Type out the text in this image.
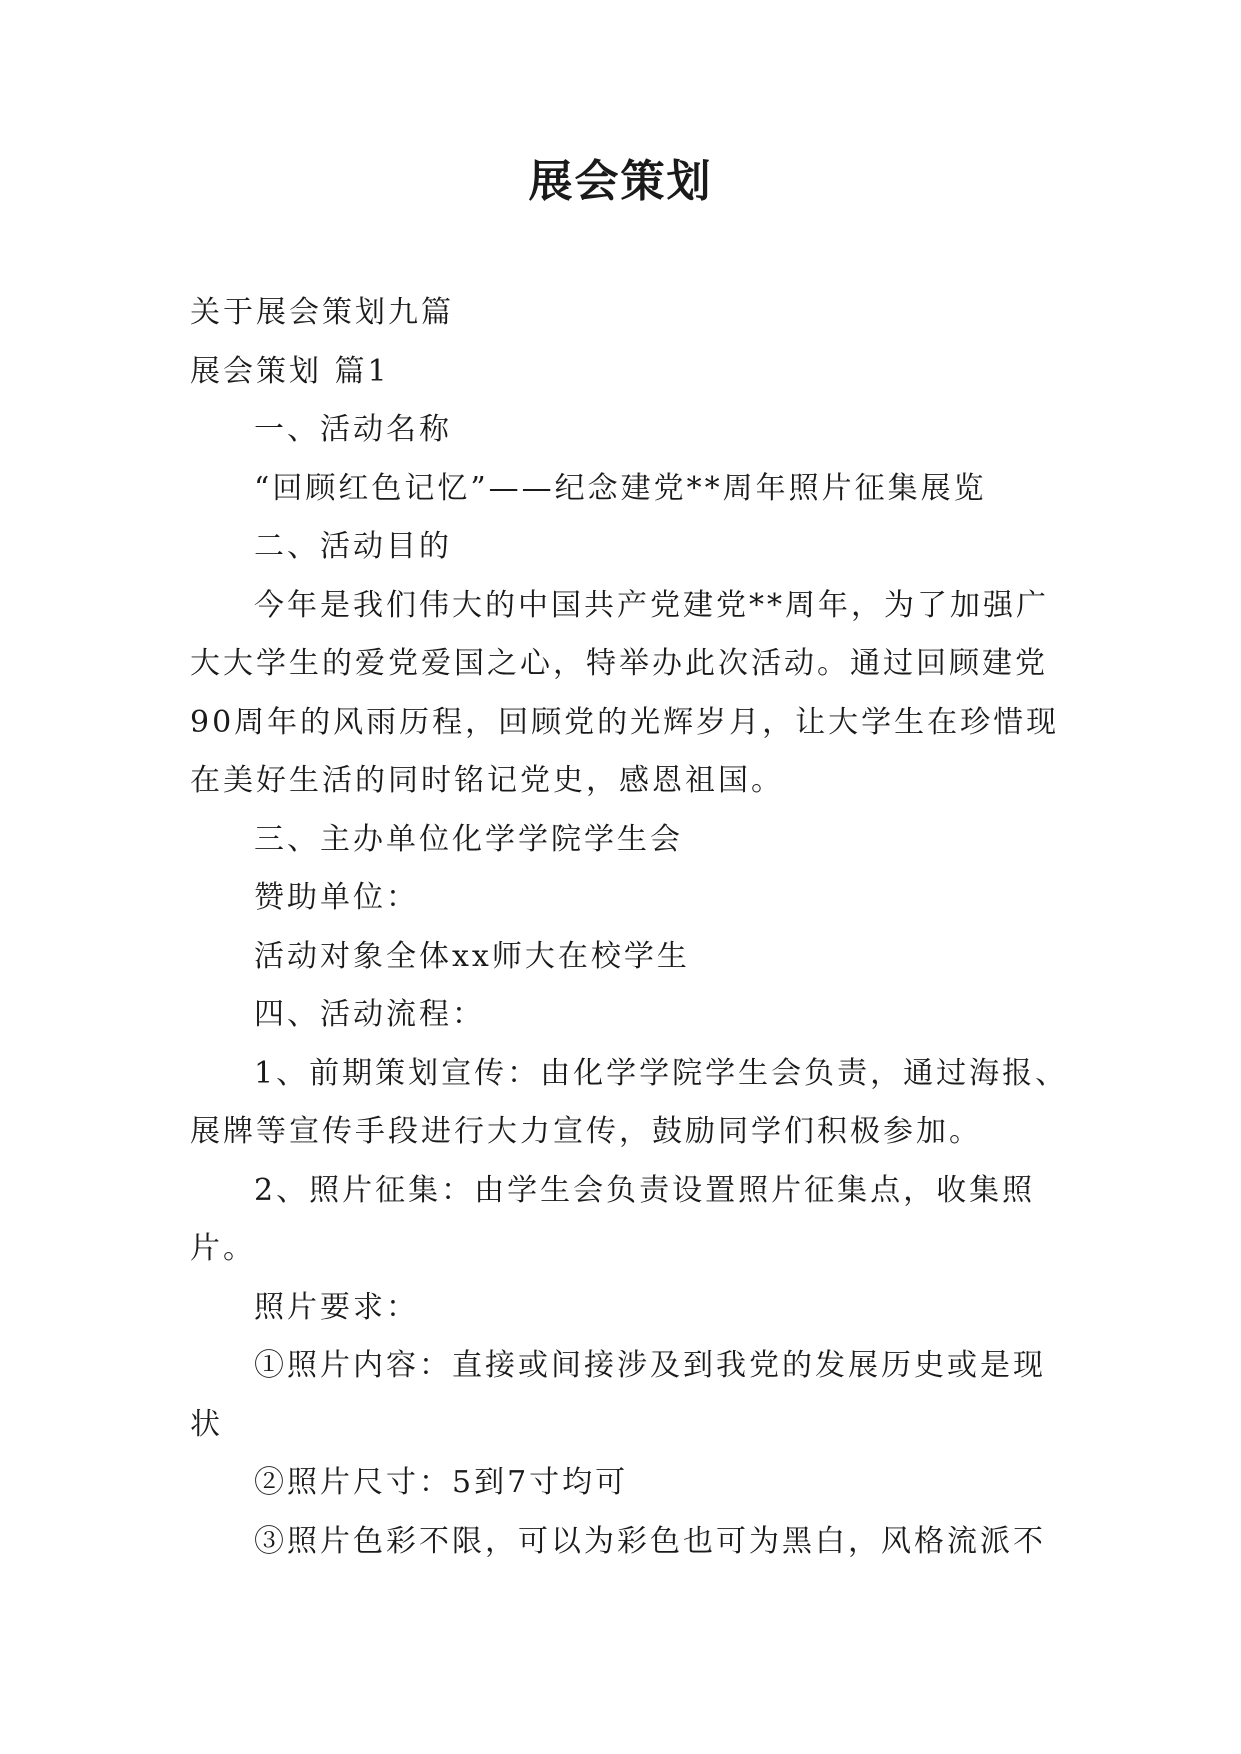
展会策划

关于展会策划九篇

展会策划 篇1

一、活动名称

“回顾红色记忆”——纪念建党**周年照片征集展览

二、活动目的

今年是我们伟大的中国共产党建党**周年，为了加强广

大大学生的爱党爱国之心，特举办此次活动。通过回顾建党

90周年的风雨历程，回顾党的光辉岁月，让大学生在珍惜现

在美好生活的同时铭记党史，感恩祖国。

三、主办单位化学学院学生会

赞助单位：

活动对象全体xx师大在校学生

四、活动流程：

1、前期策划宣传：由化学学院学生会负责，通过海报、

展牌等宣传手段进行大力宣传，鼓励同学们积极参加。

2、照片征集：由学生会负责设置照片征集点，收集照

片。

照片要求：

①照片内容：直接或间接涉及到我党的发展历史或是现

状

②照片尺寸：5到7寸均可

③照片色彩不限，可以为彩色也可为黑白，风格流派不
